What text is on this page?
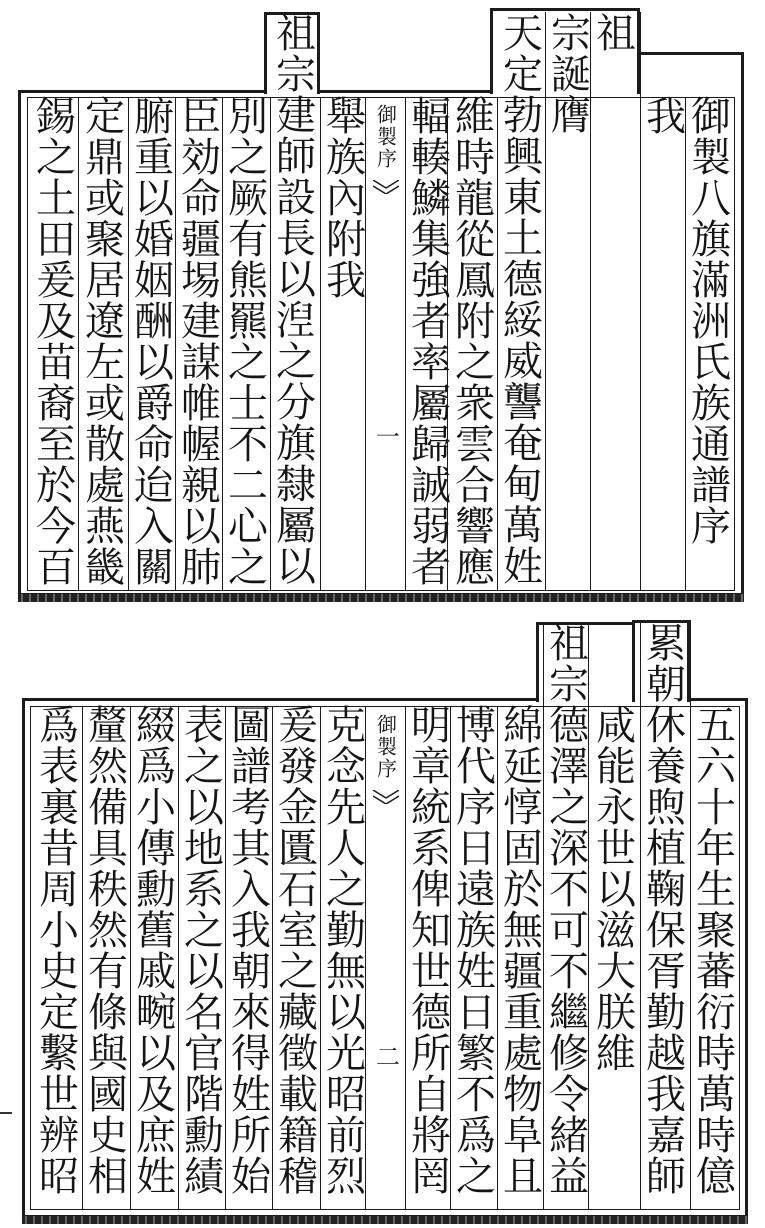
御製序
一
御
製
八
旗
滿
洲
氏
族
通
譜
序
我
祖
宗
誕
膺
天
定
勃
興
東
土
德
綏
威
讋
奄
甸
萬
姓
維
時
龍
從
鳳
附
之
衆
雲
合
響
應
輻
輳
鱗
集
強
者
率
屬
歸
誠
弱
者
舉
族
內
附
我
祖
宗
建
師
設
長
以
湼
之
分
旗
隸
屬
以
別
之
厥
有
熊
羆
之
士
不
二
心
之
臣
効
命
疆
埸
建
謀
帷
幄
親
以
肺
腑
重
以
婚
姻
酬
以
爵
命
迨
入
關
定
鼎
或
聚
居
遼
左
或
散
處
燕
畿
錫
之
土
田
爰
及
苗
裔
至
於
今
百
御製序
二
五
六
十
年
生
聚
蕃
衍
時
萬
時
億
累
朝
休
養
煦
植
鞠
保
胥
勤
越
我
嘉
師
咸
能
永
世
以
滋
大
朕
維
祖
宗
德
澤
之
深
不
可
不
繼
修
令
緒
益
綿
延
惇
固
於
無
疆
重
處
物
阜
且
博
代
序
日
遠
族
姓
日
繁
不
爲
之
明
章
統
系
俾
知
世
德
所
自
將
罔
克
念
先
人
之
勤
無
以
光
昭
前
烈
爰
發
金
匱
石
室
之
藏
徵
載
籍
稽
圖
譜
考
其
入
我
朝
來
得
姓
所
始
表
之
以
地
系
之
以
名
官
階
勳
績
綴
爲
小
傳
勳
舊
戚
畹
以
及
庶
姓
釐
然
備
具
秩
然
有
條
與
國
史
相
爲
表
裏
昔
周
小
史
定
繫
世
辨
昭
